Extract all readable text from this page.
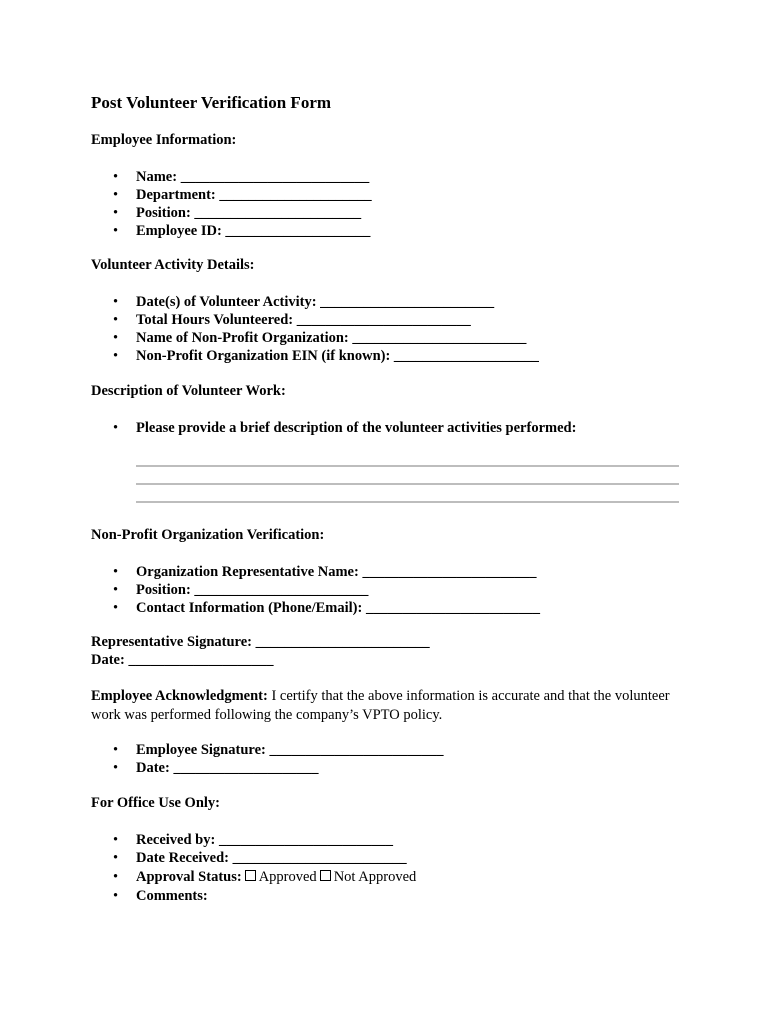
Post Volunteer Verification Form
Employee Information:
• Name: __________________________
• Department: _____________________
• Position: _______________________
• Employee ID: ____________________
Volunteer Activity Details:
• Date(s) of Volunteer Activity: ________________________
• Total Hours Volunteered: ________________________
• Name of Non-Profit Organization: ________________________
• Non-Profit Organization EIN (if known): ____________________
Description of Volunteer Work:
• Please provide a brief description of the volunteer activities performed:
Non-Profit Organization Verification:
• Organization Representative Name: ________________________
• Position: ________________________
• Contact Information (Phone/Email): ________________________
Representative Signature: ________________________
Date: ____________________
Employee Acknowledgment: I certify that the above information is accurate and that the volunteer work was performed following the company’s VPTO policy.
• Employee Signature: ________________________
• Date: ____________________
For Office Use Only:
• Received by: ________________________
• Date Received: ________________________
• Approval Status: Approved Not Approved
• Comments:
